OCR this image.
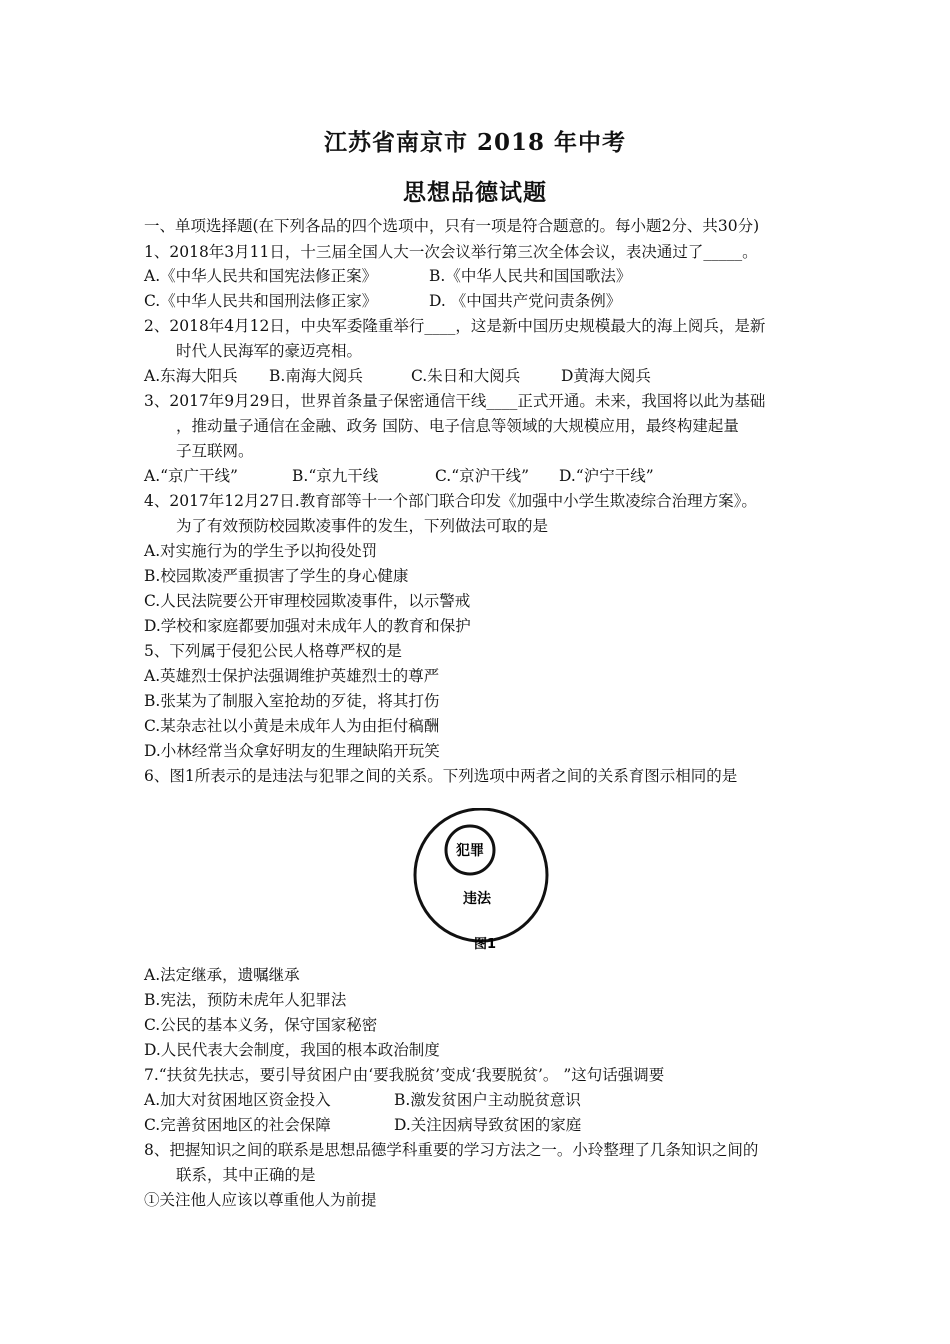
江苏省南京市 2018 年中考
思想品德试题
一、单项选择题(在下列各品的四个选项中，只有一项是符合题意的。每小题2分、共30分)
1、2018年3月11日，十三届全国人大一次会议举行第三次全体会议，表决通过了_____。
A.《中华人民共和国宪法修正案》	B.《中华人民共和国国歌法》
C.《中华人民共和国刑法修正家》	D. 《中国共产党问责条例》
2、2018年4月12日，中央军委隆重举行____，这是新中国历史规模最大的海上阅兵，是新
时代人民海军的豪迈亮相。
A.东海大阳兵 B.南海大阅兵	C.朱日和大阅兵	D黄海大阅兵
3、2017年9月29日，世界首条量子保密通信干线____正式开通。未来，我国将以此为基础
，推动量子通信在金融、政务 国防、电子信息等领域的大规模应用，最终构建起量
子互联网。
A.“京广干线”	B.“京九干线	C.“京沪干线” D.“沪宁干线”
4、2017年12月27日.教育部等十一个部门联合印发《加强中小学生欺凌综合治理方案》。
为了有效预防校园欺凌事件的发生，下列做法可取的是
A.对实施行为的学生予以拘役处罚
B.校园欺凌严重损害了学生的身心健康
C.人民法院要公开审理校园欺凌事件，以示警戒
D.学校和家庭都要加强对未成年人的教育和保护
5、下列属于侵犯公民人格尊严权的是
A.英雄烈士保护法强调维护英雄烈士的尊严
B.张某为了制服入室抢劫的歹徒，将其打伤
C.某杂志社以小黄是未成年人为由拒付稿酬
D.小林经常当众拿好明友的生理缺陷开玩笑
6、图1所表示的是违法与犯罪之间的关系。下列选项中两者之间的关系育图示相同的是
犯罪
违法
图1
A.法定继承，遗嘱继承
B.宪法，预防未虎年人犯罪法
C.公民的基本义务，保守国家秘密
D.人民代表大会制度，我国的根本政治制度
7.“扶贫先扶志，要引导贫困户由‘要我脱贫’变成‘我要脱贫’。 ”这句话强调要
A.加大对贫困地区资金投入	B.激发贫困户主动脱贫意识
C.完善贫困地区的社会保障	D.关注因病导致贫困的家庭
8、把握知识之间的联系是思想品德学科重要的学习方法之一。小玲整理了几条知识之间的
联系，其中正确的是
①关注他人应该以尊重他人为前提
